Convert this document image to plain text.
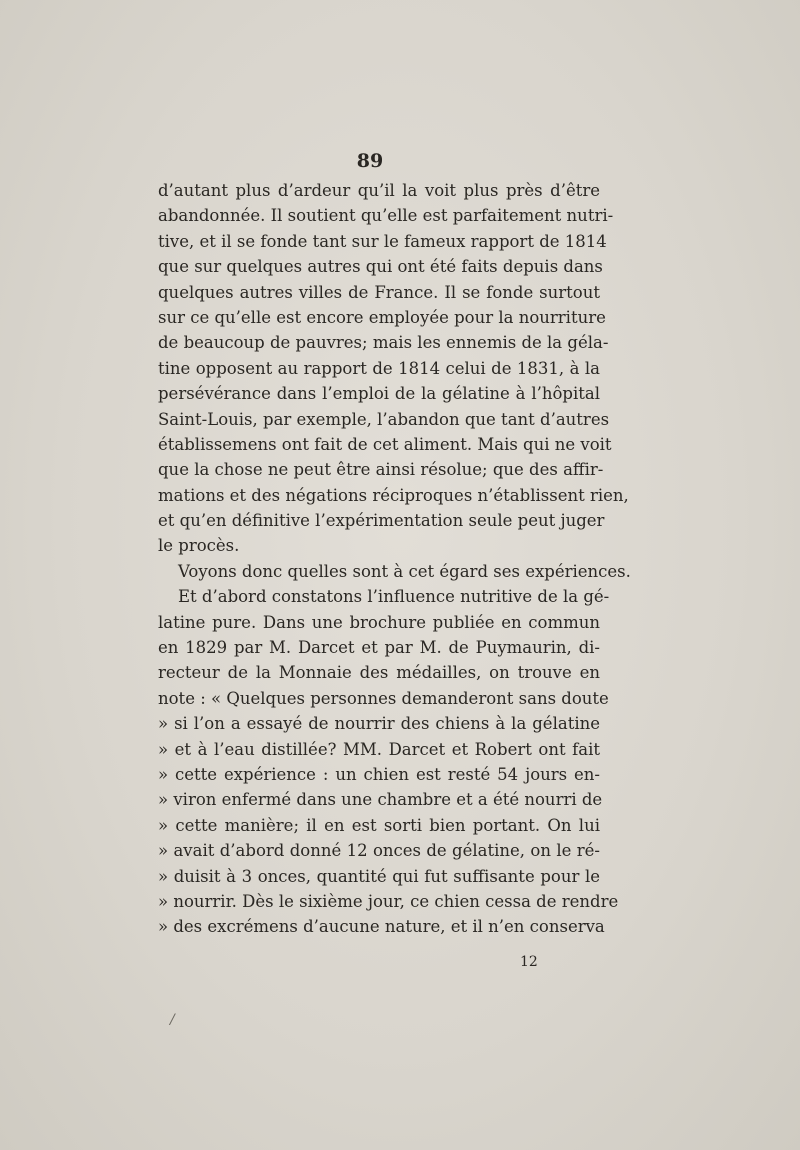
89
d’autant plus d’ardeur qu’il la voit plus près d’être
abandonnée. Il soutient qu’elle est parfaitement nutri-
tive, et il se fonde tant sur le fameux rapport de 1814
que sur quelques autres qui ont été faits depuis dans
quelques autres villes de France. Il se fonde surtout
sur ce qu’elle est encore employée pour la nourriture
de beaucoup de pauvres; mais les ennemis de la géla-
tine opposent au rapport de 1814 celui de 1831, à la
persévérance dans l’emploi de la gélatine à l’hôpital
Saint-Louis, par exemple, l’abandon que tant d’autres
établissemens ont fait de cet aliment. Mais qui ne voit
que la chose ne peut être ainsi résolue; que des affir-
mations et des négations réciproques n’établissent rien,
et qu’en définitive l’expérimentation seule peut juger
le procès.
Voyons donc quelles sont à cet égard ses expériences.
Et d’abord constatons l’influence nutritive de la gé-
latine pure. Dans une brochure publiée en commun
en 1829 par M. Darcet et par M. de Puymaurin, di-
recteur de la Monnaie des médailles, on trouve en
note : « Quelques personnes demanderont sans doute
» si l’on a essayé de nourrir des chiens à la gélatine
» et à l’eau distillée? MM. Darcet et Robert ont fait
» cette expérience : un chien est resté 54 jours en-
» viron enfermé dans une chambre et a été nourri de
» cette manière; il en est sorti bien portant. On lui
» avait d’abord donné 12 onces de gélatine, on le ré-
» duisit à 3 onces, quantité qui fut suffisante pour le
» nourrir. Dès le sixième jour, ce chien cessa de rendre
» des excrémens d’aucune nature, et il n’en conserva
12
/
